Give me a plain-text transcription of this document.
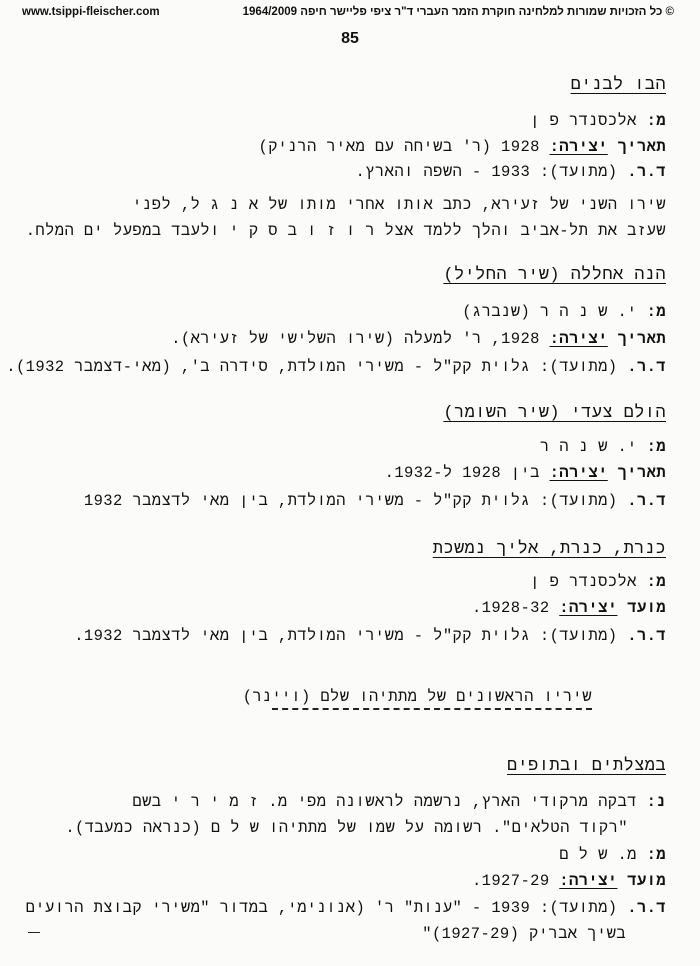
www.tsippi-fleischer.com	© כל הזכויות שמורות למלחינה חוקרת הזמר העברי ד"ר ציפי פליישר חיפה 1964/2009
85
הבו לבנים
מ: אלכסנדר פ ן
תאריך יצירה: 1928 (ר' בשיחה עם מאיר הרניק)
ד.ר. (מתועד): 1933 - השפה והארץ.
שירו השני של זעירא, כתב אותו אחרי מותו של א נ ג ל, לפני
שעזב את תל-אביב והלך ללמד אצל ר ו ז ו ב ס ק י ולעבד במפעל ים המלח.
הנה אחללה (שיר החליל)
מ: י. ש נ ה ר (שנברג)
תאריך יצירה: 1928, ר' למעלה (שירו השלישי של זעירא).
ד.ר. (מתועד): גלוית קק"ל - משירי המולדת, סידרה ב', (מאי-דצמבר 1932).
הולם צעדי (שיר השומר)
מ: י. ש נ ה ר
תאריך יצירה: בין 1928 ל-1932.
ד.ר. (מתועד): גלוית קק"ל - משירי המולדת, בין מאי לדצמבר 1932
כנרת, כנרת, אליך נמשכת
מ: אלכסנדר פ ן
מועד יצירה: 1928-32.
ד.ר. (מתועד): גלוית קק"ל - משירי המולדת, בין מאי לדצמבר 1932.
שיריו הראשונים של מתתיהו שלם (ויינר)
במצלתים ובתופים
נ: דבקה מרקודי הארץ, נרשמה לראשונה מפי מ. ז מ י ר י בשם
"רקוד הטלאים". רשומה על שמו של מתתיהו ש ל ם (כנראה כמעבד).
מ: מ. ש ל ם
מועד יצירה: 1927-29.
ד.ר. (מתועד): 1939 - "ענות" ר' (אנונימי, במדור "משירי קבוצת הרועים
בשיך אבריק (1927-29)"
